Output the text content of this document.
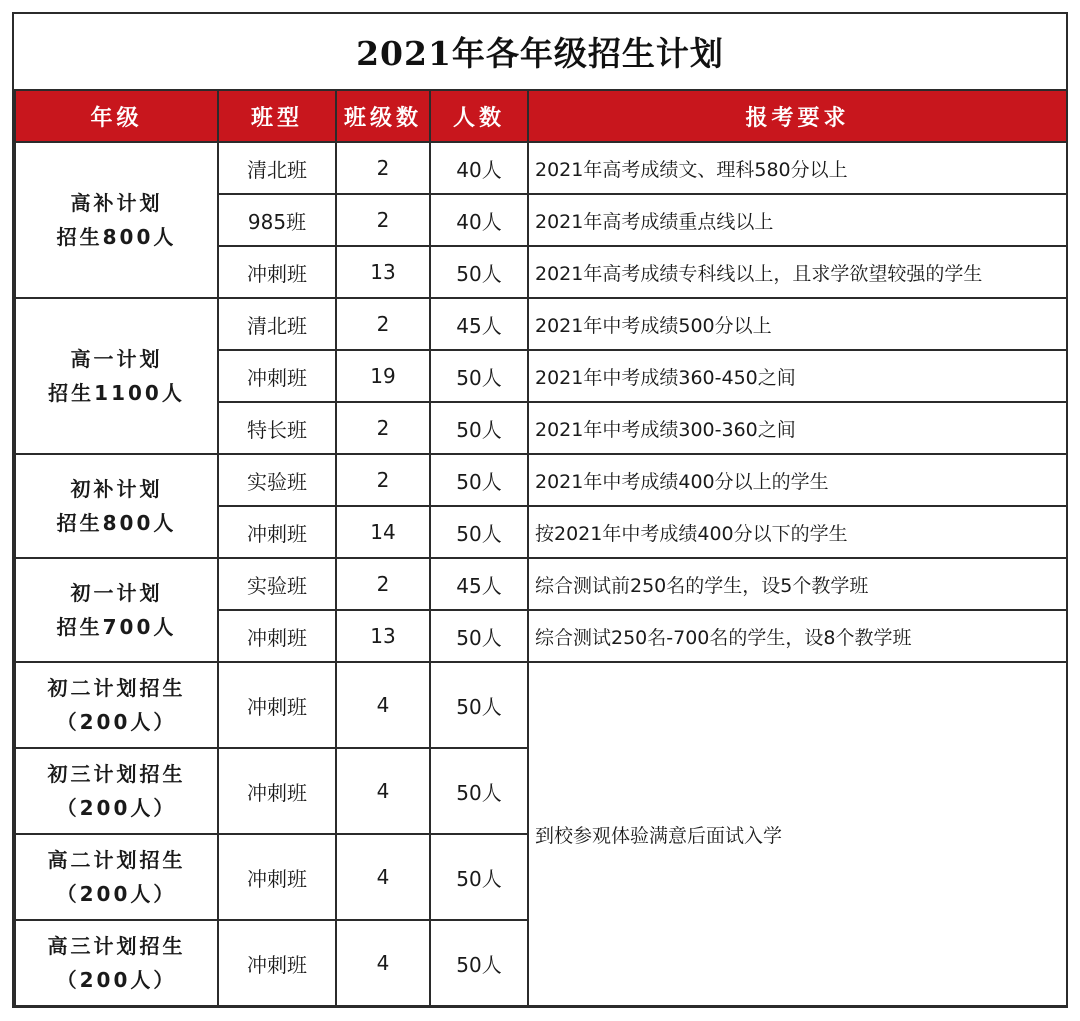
2021年各年级招生计划
年级	班型	班级数	人数	报考要求

高补计划
招生800人	清北班	2	40人	2021年高考成绩文、理科580分以上
	985班	2	40人	2021年高考成绩重点线以上
	冲刺班	13	50人	2021年高考成绩专科线以上，且求学欲望较强的学生

高一计划
招生1100人	清北班	2	45人	2021年中考成绩500分以上
	冲刺班	19	50人	2021年中考成绩360-450之间
	特长班	2	50人	2021年中考成绩300-360之间

初补计划
招生800人	实验班	2	50人	2021年中考成绩400分以上的学生
	冲刺班	14	50人	按2021年中考成绩400分以下的学生

初一计划
招生700人	实验班	2	45人	综合测试前250名的学生，设5个教学班
	冲刺班	13	50人	综合测试250名-700名的学生，设8个教学班

初二计划招生
（200人）	冲刺班	4	50人	到校参观体验满意后面试入学

初三计划招生
（200人）	冲刺班	4	50人	

高二计划招生
（200人）	冲刺班	4	50人	

高三计划招生
（200人）	冲刺班	4	50人	
